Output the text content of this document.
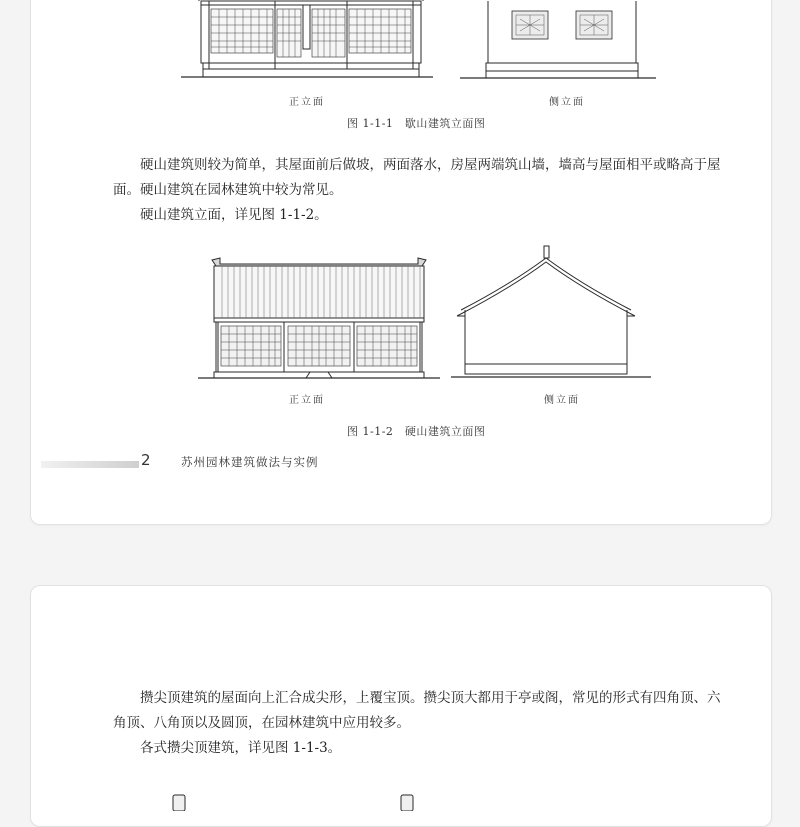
正立面	侧立面
图 1-1-1　歇山建筑立面图

硬山建筑则较为简单，其屋面前后做坡，两面落水，房屋两端筑山墙，墙高与屋面相平或略高于屋面。硬山建筑在园林建筑中较为常见。

硬山建筑立面，详见图 1-1-2。

正立面	侧立面
图 1-1-2　硬山建筑立面图
2	苏州园林建筑做法与实例

攒尖顶建筑的屋面向上汇合成尖形，上覆宝顶。攒尖顶大都用于亭或阁，常见的形式有四角顶、六角顶、八角顶以及圆顶，在园林建筑中应用较多。

各式攒尖顶建筑，详见图 1-1-3。
